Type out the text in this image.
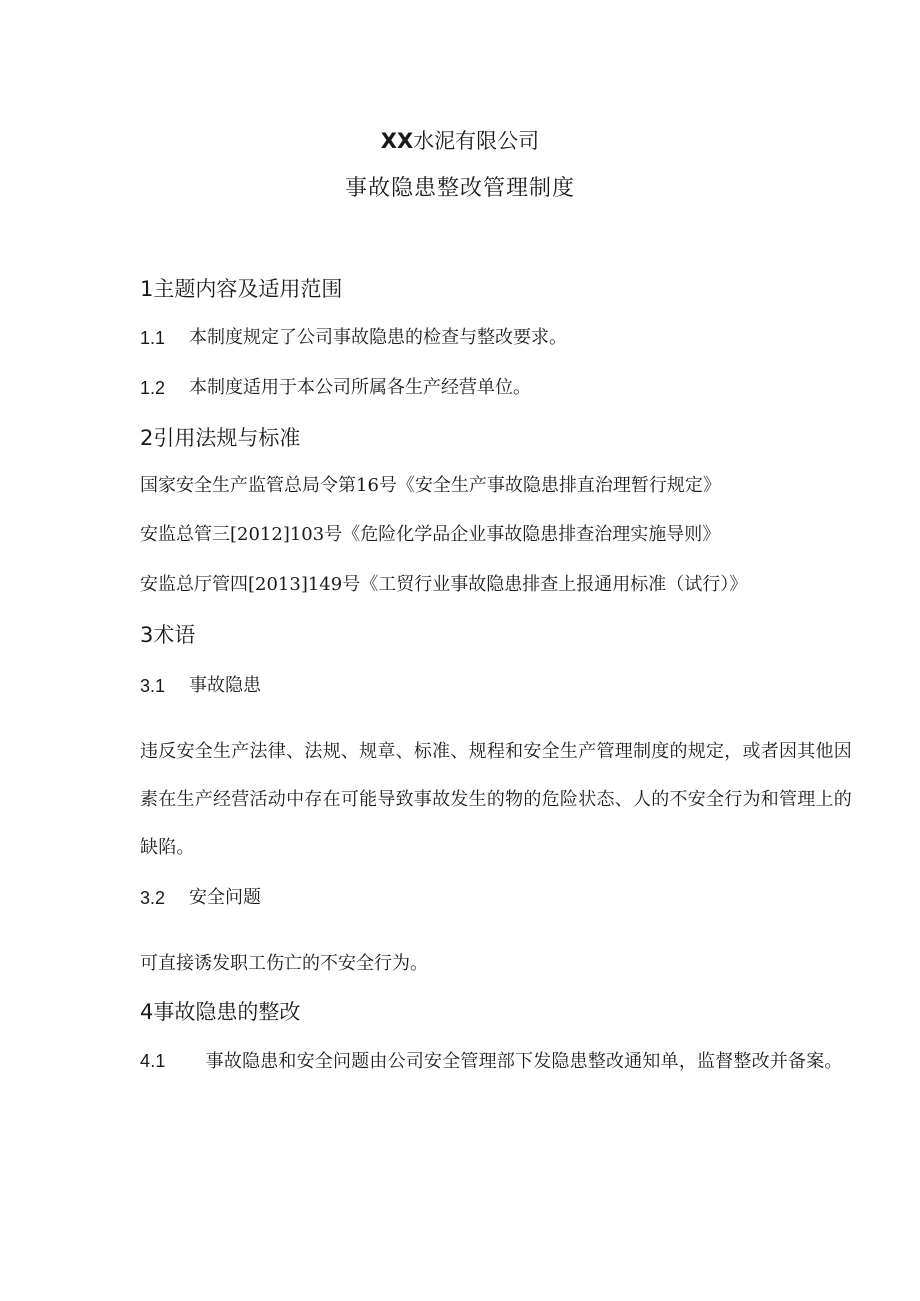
XX水泥有限公司
事故隐患整改管理制度
1主题内容及适用范围
1.1 本制度规定了公司事故隐患的检查与整改要求。
1.2 本制度适用于本公司所属各生产经营单位。
2引用法规与标准
国家安全生产监管总局令第16号《安全生产事故隐患排直治理暂行规定》
安监总管三[2012]103号《危险化学品企业事故隐患排查治理实施导则》
安监总厅管四[2013]149号《工贸行业事故隐患排查上报通用标准（试行）》
3术语
3.1 事故隐患
违反安全生产法律、法规、规章、标准、规程和安全生产管理制度的规定，或者因其他因素在生产经营活动中存在可能导致事故发生的物的危险状态、人的不安全行为和管理上的缺陷。
3.2 安全问题
可直接诱发职工伤亡的不安全行为。
4事故隐患的整改
4.1 事故隐患和安全问题由公司安全管理部下发隐患整改通知单，监督整改并备案。
